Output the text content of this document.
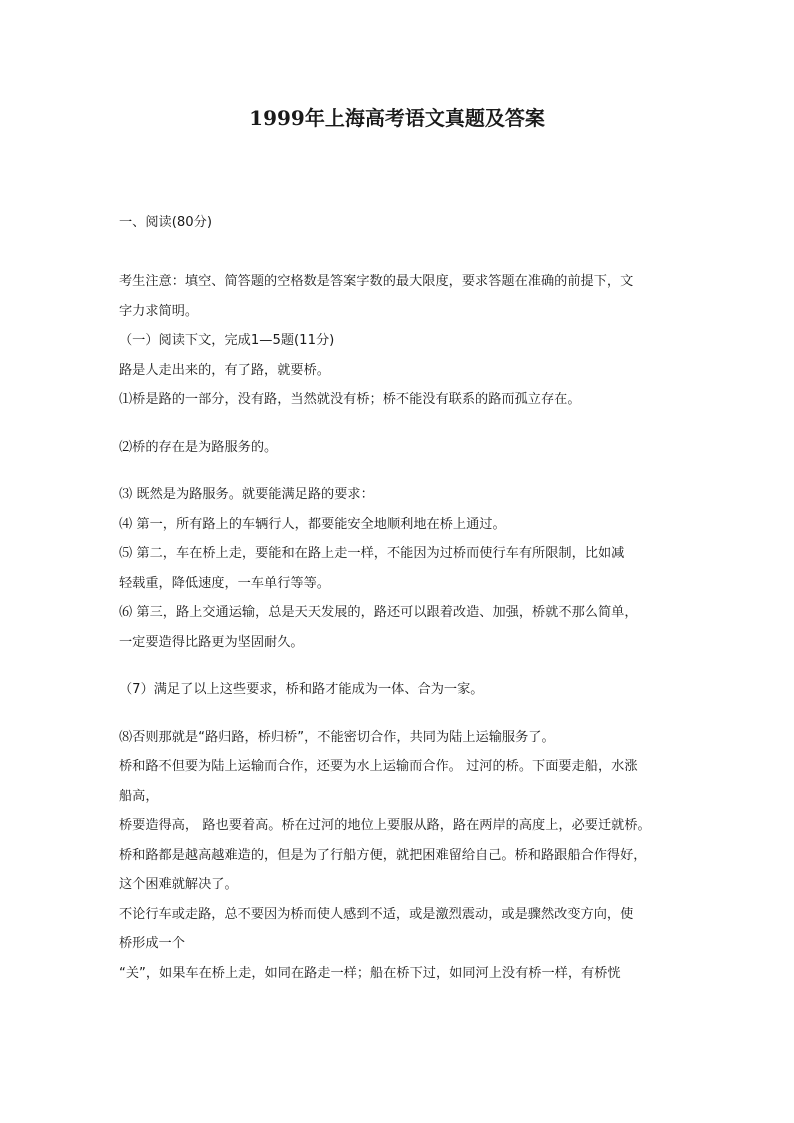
1999年上海高考语文真题及答案

一、阅读(80分)

考生注意：填空、简答题的空格数是答案字数的最大限度，要求答题在准确的前提下，文

字力求简明。

（一）阅读下文，完成1—5题(11分)

路是人走出来的，有了路，就要桥。

⑴桥是路的一部分，没有路，当然就没有桥；桥不能没有联系的路而孤立存在。

⑵桥的存在是为路服务的。

⑶ 既然是为路服务。就要能满足路的要求：

⑷ 第一，所有路上的车辆行人，都要能安全地顺利地在桥上通过。

⑸ 第二，车在桥上走，要能和在路上走一样，不能因为过桥而使行车有所限制，比如减

轻载重，降低速度，一车单行等等。

⑹ 第三，路上交通运输，总是天天发展的，路还可以跟着改造、加强，桥就不那么简单，

一定要造得比路更为坚固耐久。

（7）满足了以上这些要求，桥和路才能成为一体、合为一家。

⑻否则那就是“路归路，桥归桥”，不能密切合作，共同为陆上运输服务了。

桥和路不但要为陆上运输而合作，还要为水上运输而合作。 过河的桥。下面要走船，水涨

船高，

桥要造得高， 路也要着高。桥在过河的地位上要服从路，路在两岸的高度上，必要迁就桥。

桥和路都是越高越难造的，但是为了行船方便，就把困难留给自己。桥和路跟船合作得好，

这个困难就解决了。

不论行车或走路，总不要因为桥而使人感到不适，或是激烈震动，或是骤然改变方向，使

桥形成一个

“关”，如果车在桥上走，如同在路走一样；船在桥下过，如同河上没有桥一样，有桥恍
